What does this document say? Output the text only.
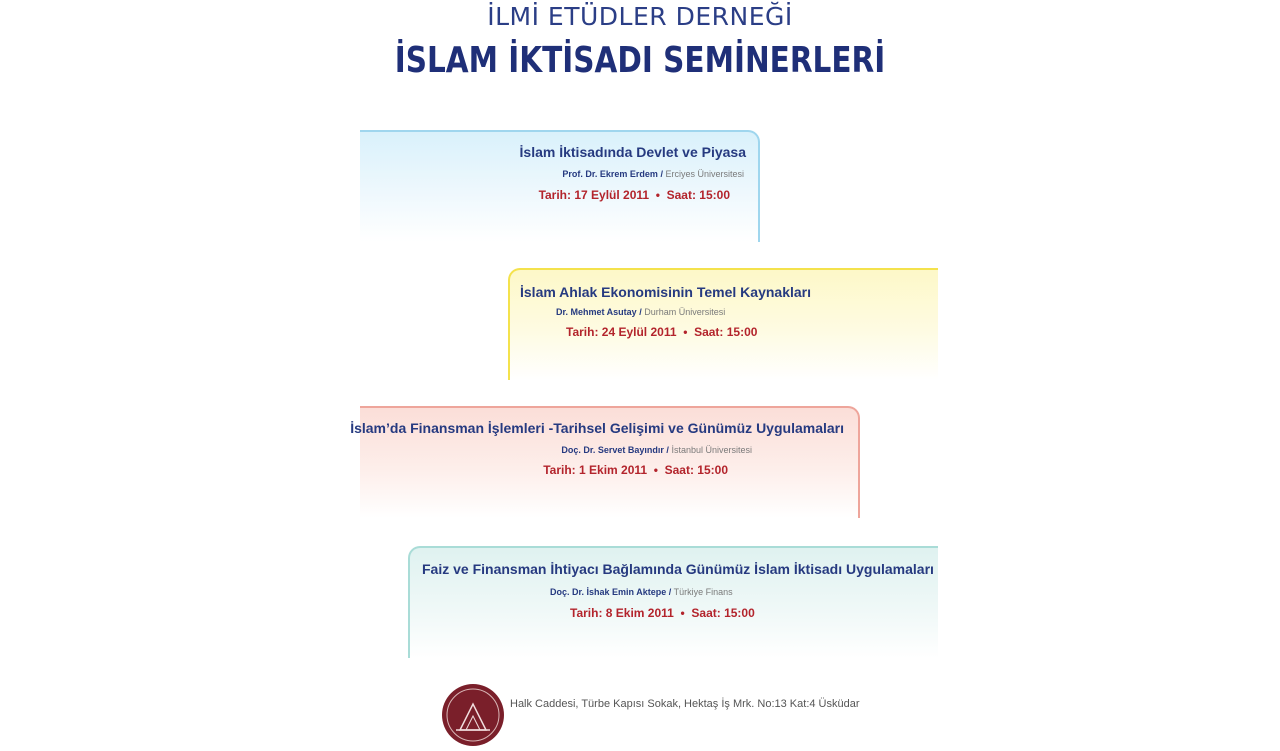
İLMİ ETÜDLER DERNEĞİ
İSLAM İKTİSADI SEMİNERLERİ
İslam İktisadında Devlet ve Piyasa
Prof. Dr. Ekrem Erdem / Erciyes Üniversitesi
Tarih: 17 Eylül 2011 • Saat: 15:00
İslam Ahlak Ekonomisinin Temel Kaynakları
Dr. Mehmet Asutay / Durham Üniversitesi
Tarih: 24 Eylül 2011 • Saat: 15:00
İslam’da Finansman İşlemleri -Tarihsel Gelişimi ve Günümüz Uygulamaları
Doç. Dr. Servet Bayındır / İstanbul Üniversitesi
Tarih: 1 Ekim 2011 • Saat: 15:00
Faiz ve Finansman İhtiyacı Bağlamında Günümüz İslam İktisadı Uygulamaları
Doç. Dr. İshak Emin Aktepe / Türkiye Finans
Tarih: 8 Ekim 2011 • Saat: 15:00
Halk Caddesi, Türbe Kapısı Sokak, Hektaş İş Mrk. No:13 Kat:4 Üsküdar
